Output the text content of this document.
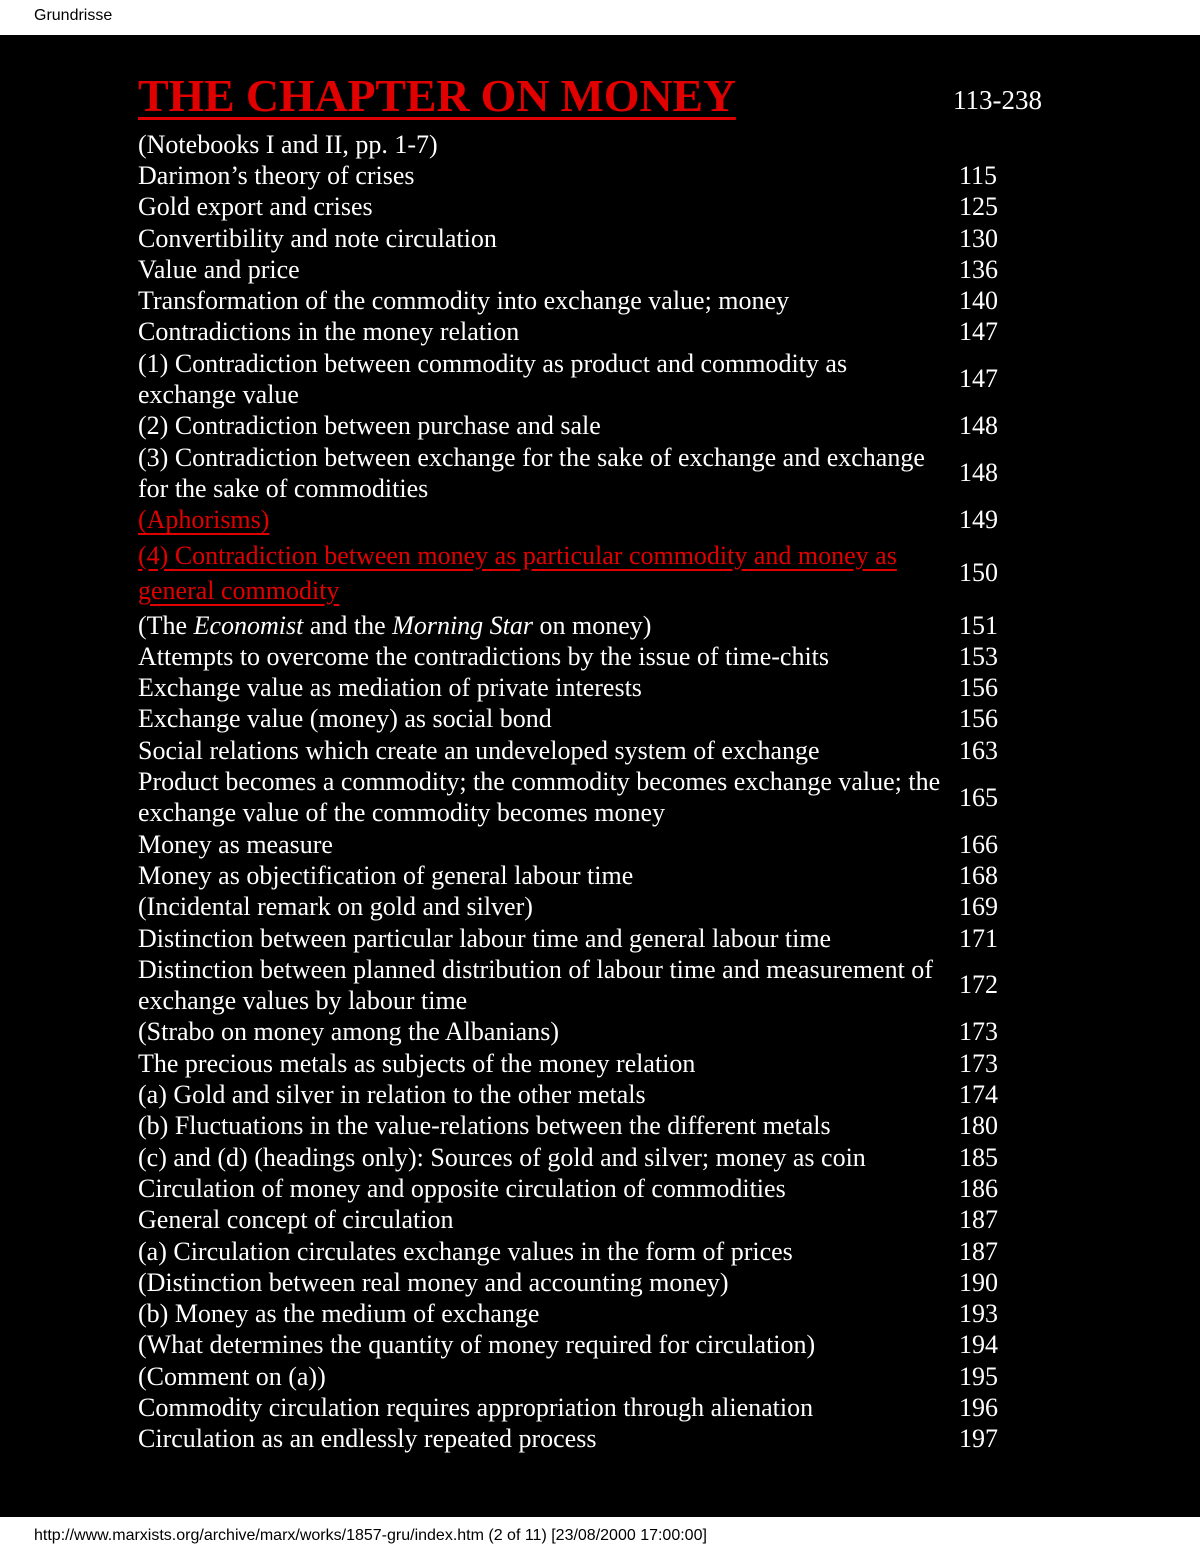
Grundrisse
THE CHAPTER ON MONEY	113-238
(Notebooks I and II, pp. 1-7)
Darimon’s theory of crises	115
Gold export and crises	125
Convertibility and note circulation	130
Value and price	136
Transformation of the commodity into exchange value; money	140
Contradictions in the money relation	147
(1) Contradiction between commodity as product and commodity as exchange value	147
(2) Contradiction between purchase and sale	148
(3) Contradiction between exchange for the sake of exchange and exchange for the sake of commodities	148
(Aphorisms)	149
(4) Contradiction between money as particular commodity and money as general commodity	150
(The Economist and the Morning Star on money)	151
Attempts to overcome the contradictions by the issue of time-chits	153
Exchange value as mediation of private interests	156
Exchange value (money) as social bond	156
Social relations which create an undeveloped system of exchange	163
Product becomes a commodity; the commodity becomes exchange value; the exchange value of the commodity becomes money	165
Money as measure	166
Money as objectification of general labour time	168
(Incidental remark on gold and silver)	169
Distinction between particular labour time and general labour time	171
Distinction between planned distribution of labour time and measurement of exchange values by labour time	172
(Strabo on money among the Albanians)	173
The precious metals as subjects of the money relation	173
(a) Gold and silver in relation to the other metals	174
(b) Fluctuations in the value-relations between the different metals	180
(c) and (d) (headings only): Sources of gold and silver; money as coin	185
Circulation of money and opposite circulation of commodities	186
General concept of circulation	187
(a) Circulation circulates exchange values in the form of prices	187
(Distinction between real money and accounting money)	190
(b) Money as the medium of exchange	193
(What determines the quantity of money required for circulation)	194
(Comment on (a))	195
Commodity circulation requires appropriation through alienation	196
Circulation as an endlessly repeated process	197
http://www.marxists.org/archive/marx/works/1857-gru/index.htm (2 of 11) [23/08/2000 17:00:00]
